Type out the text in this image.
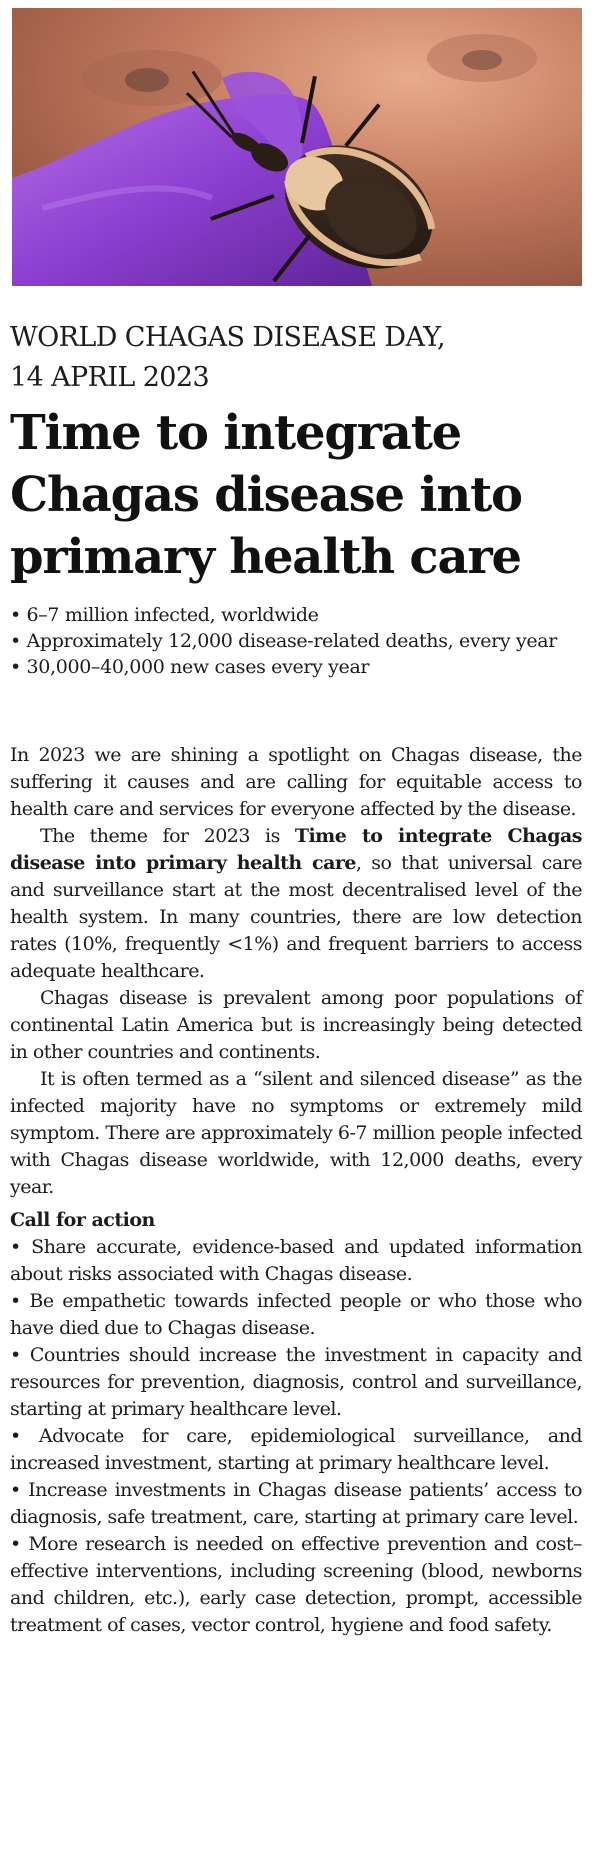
WORLD CHAGAS DISEASE DAY,
14 APRIL 2023
Time to integrate
Chagas disease into
primary health care
• 6–7 million infected, worldwide
• Approximately 12,000 disease-related deaths, every year
• 30,000–40,000 new cases every year

In 2023 we are shining a spotlight on Chagas disease, the suffering it causes and are calling for equitable access to health care and services for everyone affected by the disease.

The theme for 2023 is Time to integrate Chagas disease into primary health care, so that universal care and surveillance start at the most decentralised level of the health system. In many countries, there are low detection rates (10%, frequently <1%) and frequent barriers to access adequate healthcare.

Chagas disease is prevalent among poor populations of continental Latin America but is increasingly being detected in other countries and continents.

It is often termed as a “silent and silenced disease” as the infected majority have no symptoms or extremely mild symptom. There are approximately 6-7 million people infected with Chagas disease worldwide, with 12,000 deaths, every year.

Call for action

• Share accurate, evidence-based and updated information about risks associated with Chagas disease.
• Be empathetic towards infected people or who those who have died due to Chagas disease.
• Countries should increase the investment in capacity and resources for prevention, diagnosis, control and surveillance, starting at primary healthcare level.
• Advocate for care, epidemiological surveillance, and increased investment, starting at primary healthcare level.
• Increase investments in Chagas disease patients’ access to diagnosis, safe treatment, care, starting at primary care level.
• More research is needed on effective prevention and cost–effective interventions, including screening (blood, newborns and children, etc.), early case detection, prompt, accessible treatment of cases, vector control, hygiene and food safety.
